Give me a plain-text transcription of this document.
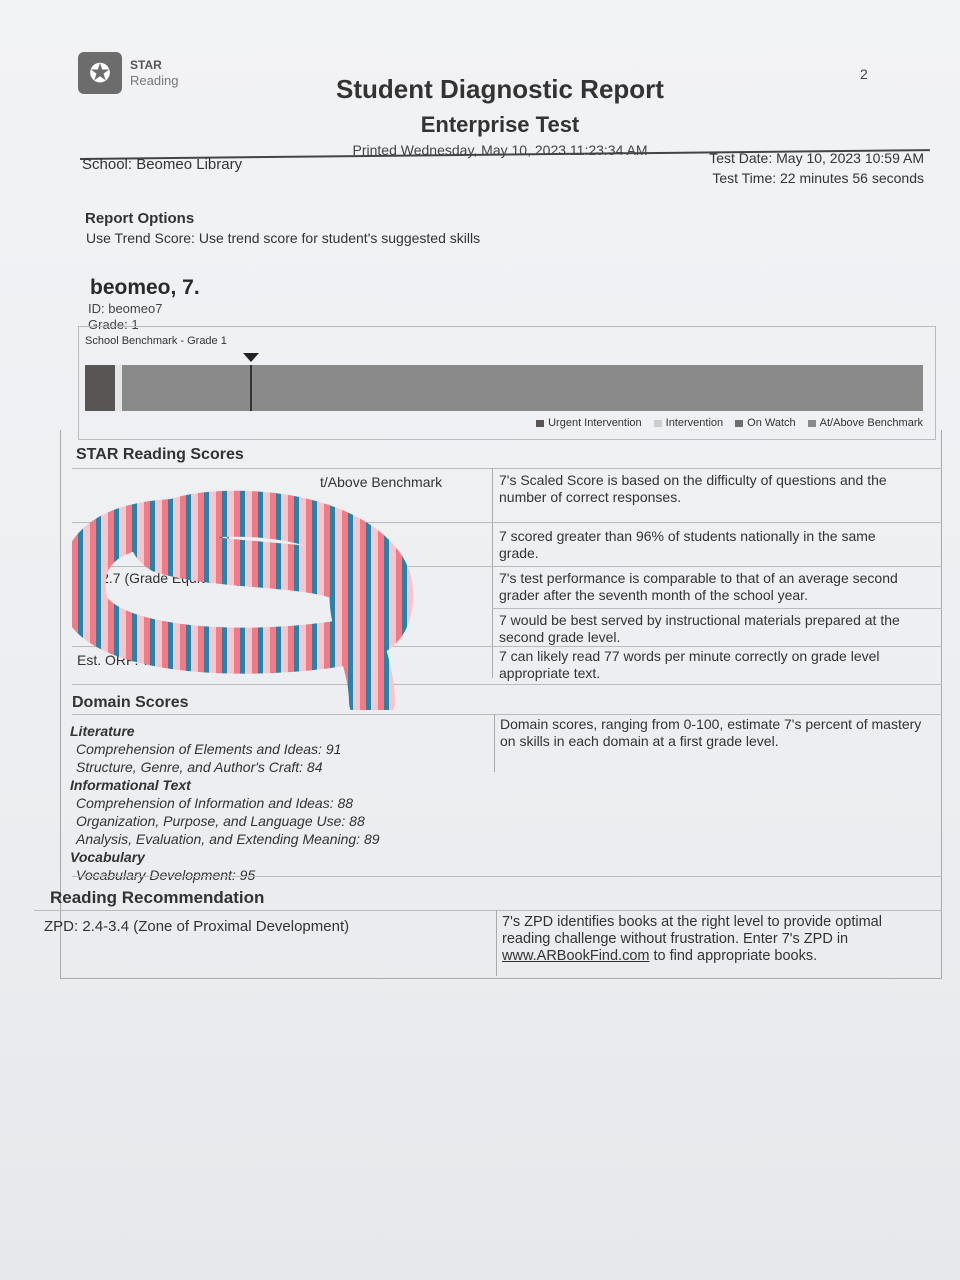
✪	STAR
Reading	2
Student Diagnostic Report
Enterprise Test
Printed Wednesday, May 10, 2023 11:23:34 AM
School: Beomeo Library	Test Date: May 10, 2023 10:59 AM
Test Time: 22 minutes 56 seconds
Report Options
Use Trend Score: Use trend score for student's suggested skills
beomeo, 7.
ID: beomeo7
Grade: 1
School Benchmark - Grade 1
Urgent Intervention	Intervention	On Watch	At/Above Benchmark
STAR Reading Scores
t/Above Benchmark	7's Scaled Score is based on the difficulty of questions and the number of correct responses.
R: 96 (Percentile Rank)	7 scored greater than 96% of students nationally in the same grade.
E: 2.7 (Grade Equivalent)	7's test performance is comparable to that of an average second grader after the seventh month of the school year.
7 would be best served by instructional materials prepared at the second grade level.
Est. ORF: 77 (Estimated Oral Rea ency)	7 can likely read 77 words per minute correctly on grade level appropriate text.
Domain Scores
Domain scores, ranging from 0-100, estimate 7's percent of mastery on skills in each domain at a first grade level.
Literature
Comprehension of Elements and Ideas: 91
Structure, Genre, and Author's Craft: 84
Informational Text
Comprehension of Information and Ideas: 88
Organization, Purpose, and Language Use: 88
Analysis, Evaluation, and Extending Meaning: 89
Vocabulary
Vocabulary Development: 95
Reading Recommendation
ZPD: 2.4-3.4 (Zone of Proximal Development)	7's ZPD identifies books at the right level to provide optimal reading challenge without frustration. Enter 7's ZPD in www.ARBookFind.com to find appropriate books.
